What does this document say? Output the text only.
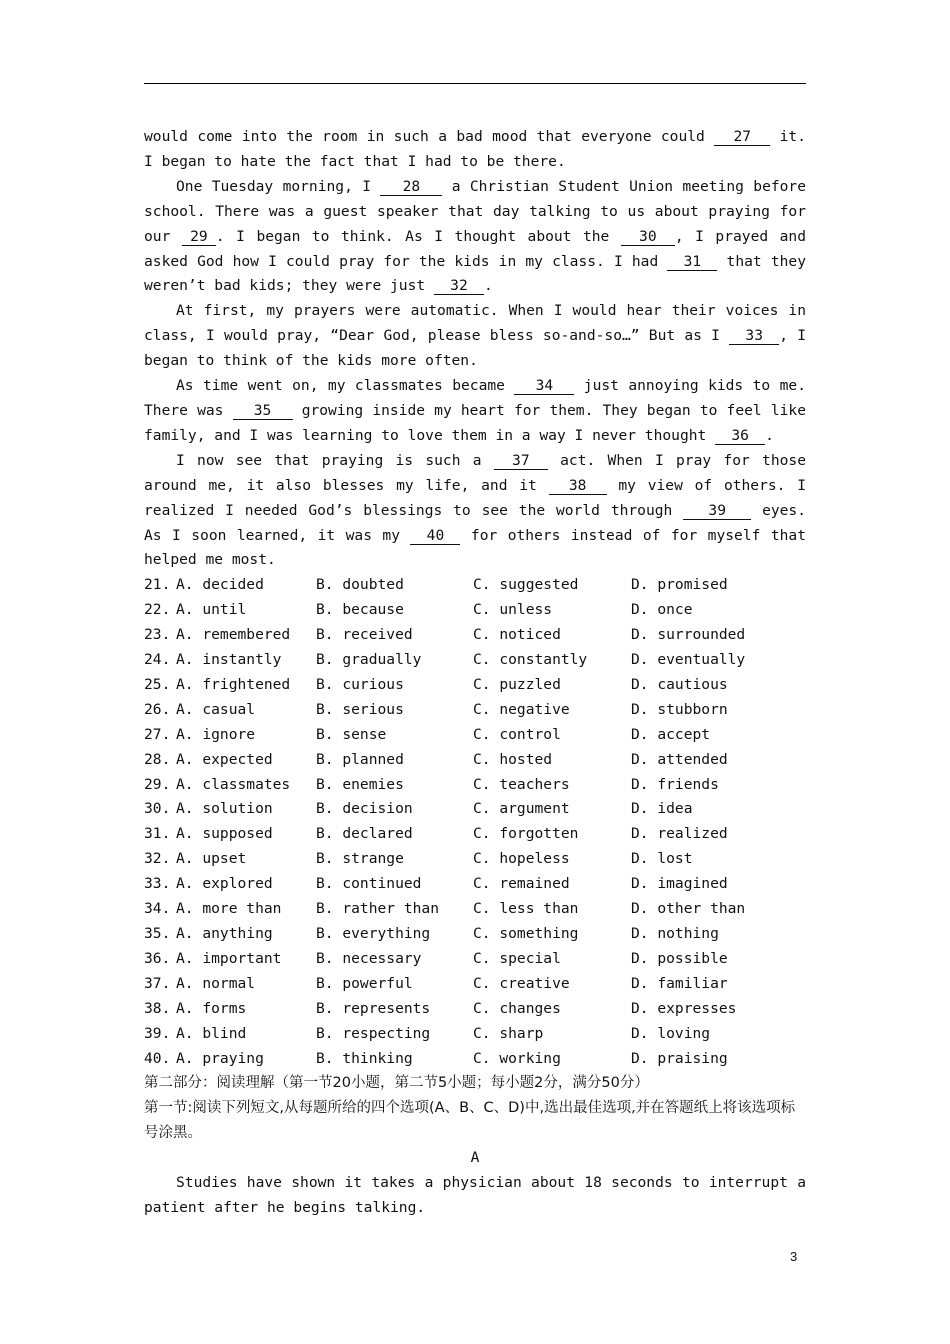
would come into the room in such a bad mood that everyone could 27 it. I began to hate the fact that I had to be there.
One Tuesday morning, I 28 a Christian Student Union meeting before school. There was a guest speaker that day talking to us about praying for our 29 . I began to think. As I thought about the 30 , I prayed and asked God how I could pray for the kids in my class. I had 31 that they weren’t bad kids; they were just 32 .
At first, my prayers were automatic. When I would hear their voices in class, I would pray, “Dear God, please bless so-and-so…” But as I 33 , I began to think of the kids more often.
As time went on, my classmates became 34 just annoying kids to me. There was 35 growing inside my heart for them. They began to feel like family, and I was learning to love them in a way I never thought 36 .
I now see that praying is such a 37 act. When I pray for those around me, it also blesses my life, and it 38 my view of others. I realized I needed God’s blessings to see the world through 39 eyes. As I soon learned, it was my 40 for others instead of for myself that helped me most.
21. A. decided	B. doubted	C. suggested	D. promised
22. A. until	B. because	C. unless	D. once
23. A. remembered	B. received	C. noticed	D. surrounded
24. A. instantly	B. gradually	C. constantly	D. eventually
25. A. frightened	B. curious	C. puzzled	D. cautious
26. A. casual	B. serious	C. negative	D. stubborn
27. A. ignore	B. sense	C. control	D. accept
28. A. expected	B. planned	C. hosted	D. attended
29. A. classmates	B. enemies	C. teachers	D. friends
30. A. solution	B. decision	C. argument	D. idea
31. A. supposed	B. declared	C. forgotten	D. realized
32. A. upset	B. strange	C. hopeless	D. lost
33. A. explored	B. continued	C. remained	D. imagined
34. A. more than	B. rather than	C. less than	D. other than
35. A. anything	B. everything	C. something	D. nothing
36. A. important	B. necessary	C. special	D. possible
37. A. normal	B. powerful	C. creative	D. familiar
38. A. forms	B. represents	C. changes	D. expresses
39. A. blind	B. respecting	C. sharp	D. loving
40. A. praying	B. thinking	C. working	D. praising
第二部分：阅读理解（第一节20小题，第二节5小题；每小题2分，满分50分）
第一节:阅读下列短文,从每题所给的四个选项(A、B、C、D)中,选出最佳选项,并在答题纸上将该选项标号涂黑。
A
Studies have shown it takes a physician about 18 seconds to interrupt a patient after he begins talking.
3
